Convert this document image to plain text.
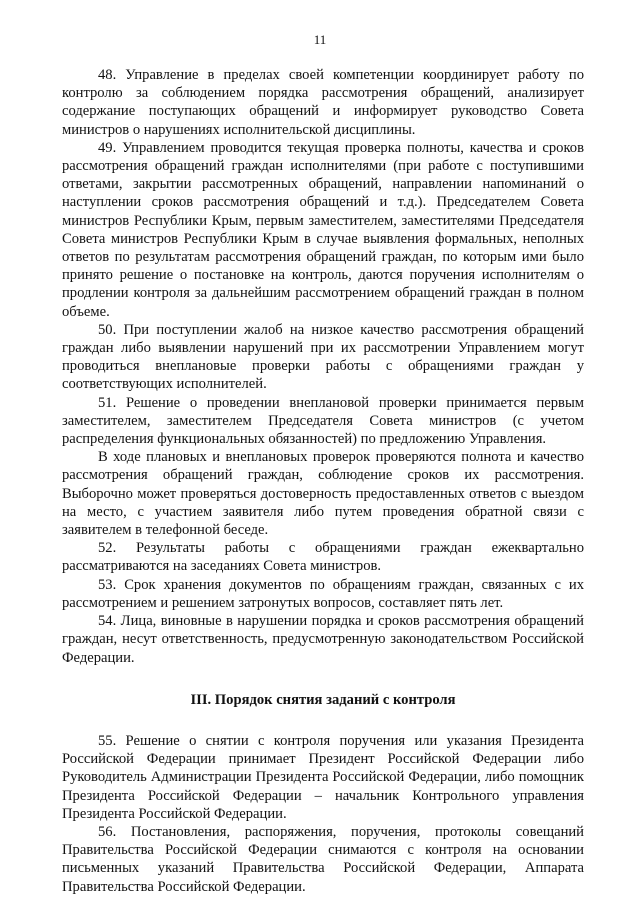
11

48. Управление в пределах своей компетенции координирует работу по контролю за соблюдением порядка рассмотрения обращений, анализирует содержание поступающих обращений и информирует руководство Совета министров о нарушениях исполнительской дисциплины.

49. Управлением проводится текущая проверка полноты, качества и сроков рассмотрения обращений граждан исполнителями (при работе с поступившими ответами, закрытии рассмотренных обращений, направлении напоминаний о наступлении сроков рассмотрения обращений и т.д.). Председателем Совета министров Республики Крым, первым заместителем, заместителями Председателя Совета министров Республики Крым в случае выявления формальных, неполных ответов по результатам рассмотрения обращений граждан, по которым ими было принято решение о постановке на контроль, даются поручения исполнителям о продлении контроля за дальнейшим рассмотрением обращений граждан в полном объеме.

50. При поступлении жалоб на низкое качество рассмотрения обращений граждан либо выявлении нарушений при их рассмотрении Управлением могут проводиться внеплановые проверки работы с обращениями граждан у соответствующих исполнителей.

51. Решение о проведении внеплановой проверки принимается первым заместителем, заместителем Председателя Совета министров (с учетом распределения функциональных обязанностей) по предложению Управления.

В ходе плановых и внеплановых проверок проверяются полнота и качество рассмотрения обращений граждан, соблюдение сроков их рассмотрения. Выборочно может проверяться достоверность предоставленных ответов с выездом на место, с участием заявителя либо путем проведения обратной связи с заявителем в телефонной беседе.

52. Результаты работы с обращениями граждан ежеквартально рассматриваются на заседаниях Совета министров.

53. Срок хранения документов по обращениям граждан, связанных с их рассмотрением и решением затронутых вопросов, составляет пять лет.

54. Лица, виновные в нарушении порядка и сроков рассмотрения обращений граждан, несут ответственность, предусмотренную законодательством Российской Федерации.

III. Порядок снятия заданий с контроля

55. Решение о снятии с контроля поручения или указания Президента Российской Федерации принимает Президент Российской Федерации либо Руководитель Администрации Президента Российской Федерации, либо помощник Президента Российской Федерации – начальник Контрольного управления Президента Российской Федерации.

56. Постановления, распоряжения, поручения, протоколы совещаний Правительства Российской Федерации снимаются с контроля на основании письменных указаний Правительства Российской Федерации, Аппарата Правительства Российской Федерации.
